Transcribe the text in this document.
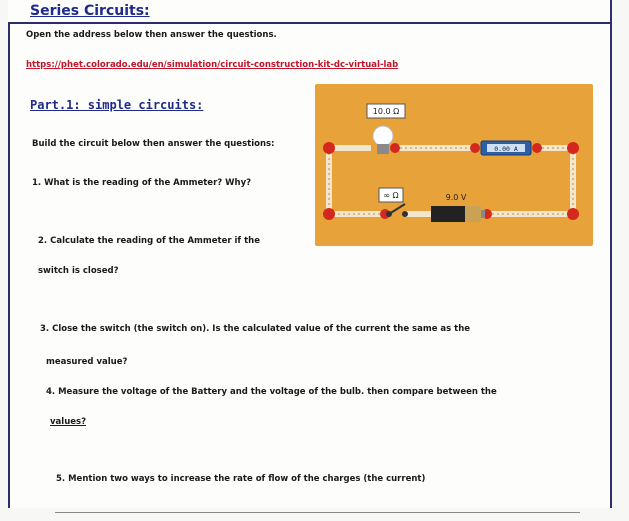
Series Circuits:
Open the address below then answer the questions.
https://phet.colorado.edu/en/simulation/circuit-construction-kit-dc-virtual-lab
Part.1: simple circuits:
Build the circuit below then answer the questions:
1. What is the reading of the Ammeter? Why?
2. Calculate the reading of the Ammeter if the
switch is closed?
3. Close the switch (the switch on). Is the calculated value of the current the same as the
measured value?
4. Measure the voltage of the Battery and the voltage of the bulb. then compare between the
values?
5. Mention two ways to increase the rate of flow of the charges (the current)
10.0 Ω
0.00 A
∞ Ω	9.0 V
